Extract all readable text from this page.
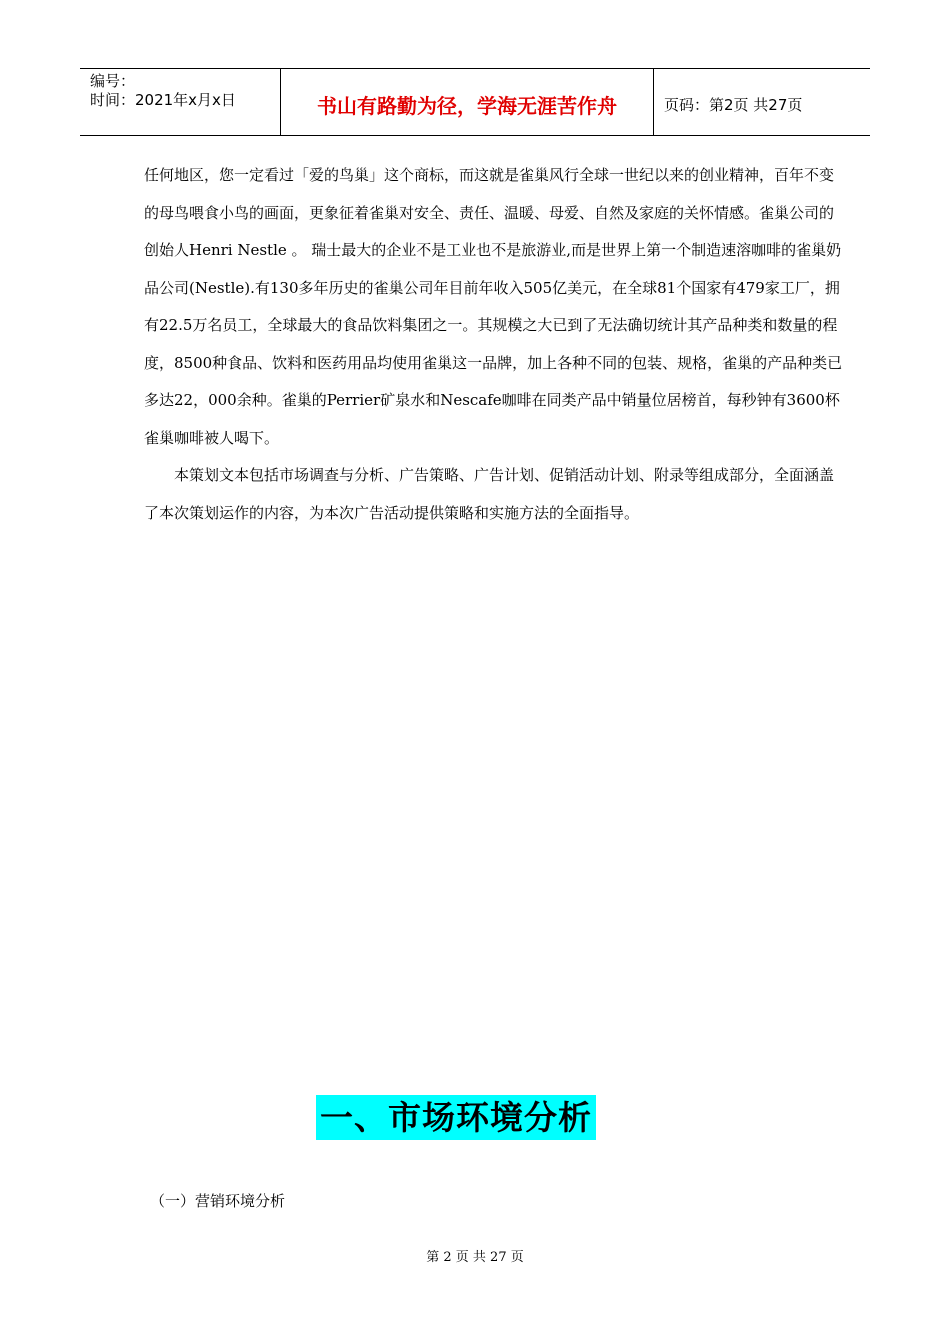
编号：
时间：2021年x月x日	书山有路勤为径，学海无涯苦作舟	页码：第2页 共27页

任何地区，您一定看过「爱的鸟巢」这个商标，而这就是雀巢风行全球一世纪以来的创业精神，百年不变的母鸟喂食小鸟的画面，更象征着雀巢对安全、责任、温暖、母爱、自然及家庭的关怀情感。雀巢公司的创始人Henri Nestle 。 瑞士最大的企业不是工业也不是旅游业,而是世界上第一个制造速溶咖啡的雀巢奶品公司(Nestle).有130多年历史的雀巢公司年目前年收入505亿美元，在全球81个国家有479家工厂，拥有22.5万名员工，全球最大的食品饮料集团之一。其规模之大已到了无法确切统计其产品种类和数量的程度，8500种食品、饮料和医药用品均使用雀巢这一品牌，加上各种不同的包装、规格，雀巢的产品种类已多达22，000余种。雀巢的Perrier矿泉水和Nescafe咖啡在同类产品中销量位居榜首，每秒钟有3600杯雀巢咖啡被人喝下。

本策划文本包括市场调查与分析、广告策略、广告计划、促销活动计划、附录等组成部分，全面涵盖了本次策划运作的内容，为本次广告活动提供策略和实施方法的全面指导。

一、市场环境分析
（一）营销环境分析
第 2 页 共 27 页
